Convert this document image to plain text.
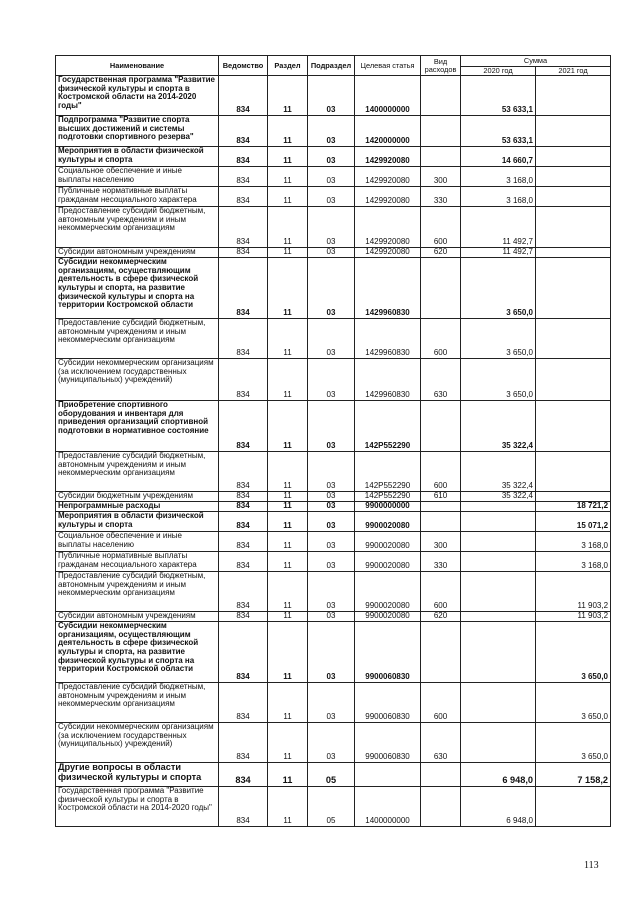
Наименование	Ведомство	Раздел	Подраздел	Целевая статья	Вид расходов	Сумма	
						2020 год	2021 год
Государственная программа "Развитие физической культуры и спорта в Костромской области на 2014-2020 годы"	834	11	03	1400000000		53 633,1	
Подпрограмма "Развитие спорта высших достижений и системы подготовки спортивного резерва"	834	11	03	1420000000		53 633,1	
Мероприятия в области физической культуры и спорта	834	11	03	1429920080		14 660,7	
Социальное обеспечение и иные выплаты населению	834	11	03	1429920080	300	3 168,0	
Публичные нормативные выплаты гражданам несоциального характера	834	11	03	1429920080	330	3 168,0	
Предоставление субсидий бюджетным, автономным учреждениям и иным некоммерческим организациям	834	11	03	1429920080	600	11 492,7	
Субсидии автономным учреждениям	834	11	03	1429920080	620	11 492,7	
Субсидии некоммерческим организациям, осуществляющим деятельность в сфере физической культуры и спорта, на развитие физической культуры и спорта на территории Костромской области	834	11	03	1429960830		3 650,0	
Предоставление субсидий бюджетным, автономным учреждениям и иным некоммерческим организациям	834	11	03	1429960830	600	3 650,0	
Субсидии некоммерческим организациям (за исключением государственных (муниципальных) учреждений)	834	11	03	1429960830	630	3 650,0	
Приобретение спортивного оборудования и инвентаря для приведения организаций спортивной подготовки в нормативное состояние	834	11	03	142P552290		35 322,4	
Предоставление субсидий бюджетным, автономным учреждениям и иным некоммерческим организациям	834	11	03	142P552290	600	35 322,4	
Субсидии бюджетным учреждениям	834	11	03	142P552290	610	35 322,4	
Непрограммные расходы	834	11	03	9900000000			18 721,2
Мероприятия в области физической культуры и спорта	834	11	03	9900020080			15 071,2
Социальное обеспечение и иные выплаты населению	834	11	03	9900020080	300		3 168,0
Публичные нормативные выплаты гражданам несоциального характера	834	11	03	9900020080	330		3 168,0
Предоставление субсидий бюджетным, автономным учреждениям и иным некоммерческим организациям	834	11	03	9900020080	600		11 903,2
Субсидии автономным учреждениям	834	11	03	9900020080	620		11 903,2
Субсидии некоммерческим организациям, осуществляющим деятельность в сфере физической культуры и спорта, на развитие физической культуры и спорта на территории Костромской области	834	11	03	9900060830			3 650,0
Предоставление субсидий бюджетным, автономным учреждениям и иным некоммерческим организациям	834	11	03	9900060830	600		3 650,0
Субсидии некоммерческим организациям (за исключением государственных (муниципальных) учреждений)	834	11	03	9900060830	630		3 650,0
Другие вопросы в области физической культуры и спорта	834	11	05			6 948,0	7 158,2
Государственная программа "Развитие физической культуры и спорта в Костромской области на 2014-2020 годы"	834	11	05	1400000000		6 948,0	
113
